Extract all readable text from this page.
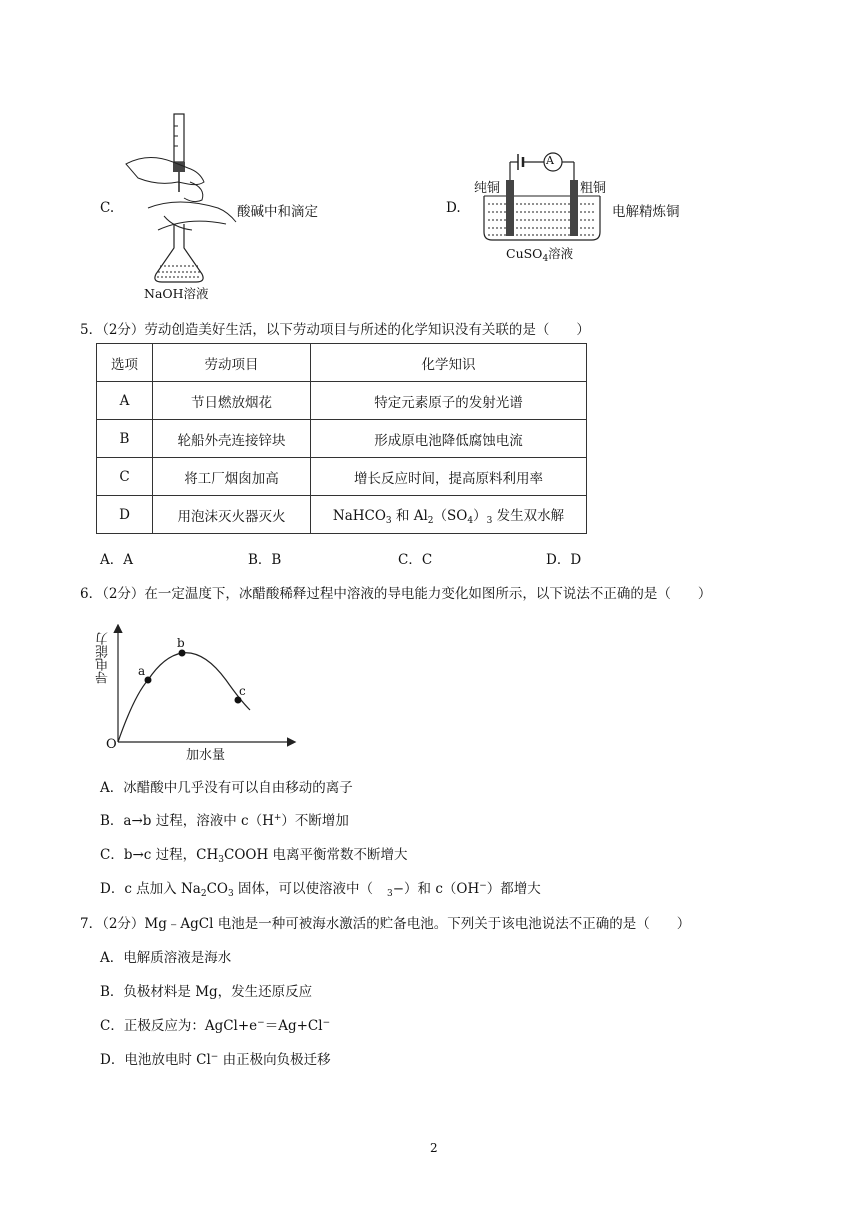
C.
NaOH溶液
酸碱中和滴定	D.
A
纯铜	粗铜
CuSO$_4$溶液
电解精炼铜
5．（2分）劳动创造美好生活，以下劳动项目与所述的化学知识没有关联的是（　　）
选项	劳动项目	化学知识
A	节日燃放烟花	特定元素原子的发射光谱
B	轮船外壳连接锌块	形成原电池降低腐蚀电流
C	将工厂烟囱加高	增长反应时间，提高原料利用率
D	用泡沫灭火器灭火	NaHCO$_3$ 和 $Al_2(SO_4)_3$ 发生双水解
A．A	B．B	C．C	D．D
6．（2分）在一定温度下，冰醋酸稀释过程中溶液的导电能力变化如图所示，以下说法不正确的是（　　）
导电能力
O
加水量
a
b
c
A．冰醋酸中几乎没有可以自由移动的离子
B．a→b 过程，溶液中 c（H+）不断增加
C．b→c 过程，$CH_3COOH$ 电离平衡常数不断增大
D．c 点加入 $Na_2CO_3$ 固体，可以使溶液中（ $_3$−）和 c（OH−）都增大
7．（2分）Mg﹣AgCl 电池是一种可被海水激活的贮备电池。下列关于该电池说法不正确的是（　　）
A．电解质溶液是海水
B．负极材料是 Mg，发生还原反应
C．正极反应为：AgCl+e−＝Ag+Cl−
D．电池放电时 Cl− 由正极向负极迁移
2
